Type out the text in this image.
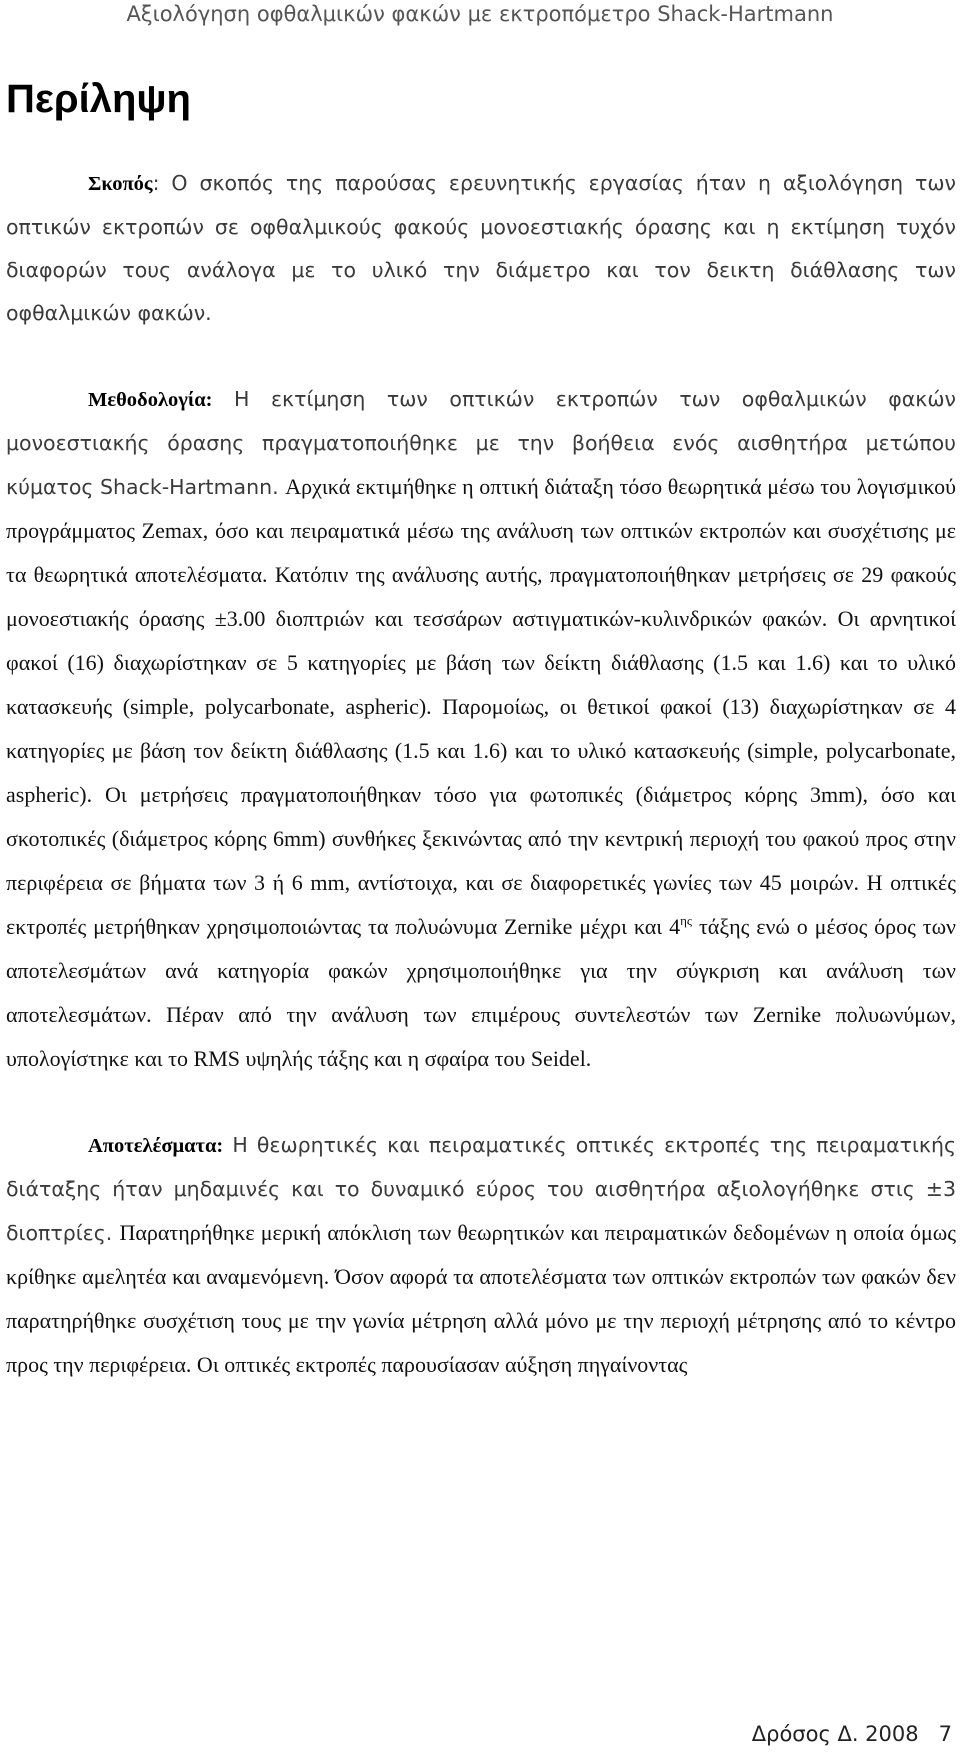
Αξιολόγηση οφθαλμικών φακών με εκτροπόμετρο Shack-Hartmann
Περίληψη

Σκοπός: Ο σκοπός της παρούσας ερευνητικής εργασίας ήταν η αξιολόγηση των οπτικών εκτροπών σε οφθαλμικούς φακούς μονοεστιακής όρασης και η εκτίμηση τυχόν διαφορών τους ανάλογα με το υλικό την διάμετρο και τον δεικτη διάθλασης των οφθαλμικών φακών.

Μεθοδολογία: Η εκτίμηση των οπτικών εκτροπών των οφθαλμικών φακών μονοεστιακής όρασης πραγματοποιήθηκε με την βοήθεια ενός αισθητήρα μετώπου κύματος Shack-Hartmann. Αρχικά εκτιμήθηκε η οπτική διάταξη τόσο θεωρητικά μέσω του λογισμικού προγράμματος Zemax, όσο και πειραματικά μέσω της ανάλυση των οπτικών εκτροπών και συσχέτισης με τα θεωρητικά αποτελέσματα. Κατόπιν της ανάλυσης αυτής, πραγματοποιήθηκαν μετρήσεις σε 29 φακούς μονοεστιακής όρασης ±3.00 διοπτριών και τεσσάρων αστιγματικών-κυλινδρικών φακών. Οι αρνητικοί φακοί (16) διαχωρίστηκαν σε 5 κατηγορίες με βάση των δείκτη διάθλασης (1.5 και 1.6) και το υλικό κατασκευής (simple, polycarbonate, aspheric). Παρομοίως, οι θετικοί φακοί (13) διαχωρίστηκαν σε 4 κατηγορίες με βάση τον δείκτη διάθλασης (1.5 και 1.6) και το υλικό κατασκευής (simple, polycarbonate, aspheric). Οι μετρήσεις πραγματοποιήθηκαν τόσο για φωτοπικές (διάμετρος κόρης 3mm), όσο και σκοτοπικές (διάμετρος κόρης 6mm) συνθήκες ξεκινώντας από την κεντρική περιοχή του φακού προς στην περιφέρεια σε βήματα των 3 ή 6 mm, αντίστοιχα, και σε διαφορετικές γωνίες των 45 μοιρών. Η οπτικές εκτροπές μετρήθηκαν χρησιμοποιώντας τα πολυώνυμα Zernike μέχρι και $4^{\eta\varsigma}$ τάξης ενώ ο μέσος όρος των αποτελεσμάτων ανά κατηγορία φακών χρησιμοποιήθηκε για την σύγκριση και ανάλυση των αποτελεσμάτων. Πέραν από την ανάλυση των επιμέρους συντελεστών των Zernike πολυωνύμων, υπολογίστηκε και το RMS υψηλής τάξης και η σφαίρα του Seidel.

Αποτελέσματα: Η θεωρητικές και πειραματικές οπτικές εκτροπές της πειραματικής διάταξης ήταν μηδαμινές και το δυναμικό εύρος του αισθητήρα αξιολογήθηκε στις ±3 διοπτρίες. Παρατηρήθηκε μερική απόκλιση των θεωρητικών και πειραματικών δεδομένων η οποία όμως κρίθηκε αμελητέα και αναμενόμενη. Όσον αφορά τα αποτελέσματα των οπτικών εκτροπών των φακών δεν παρατηρήθηκε συσχέτιση τους με την γωνία μέτρηση αλλά μόνο με την περιοχή μέτρησης από το κέντρο προς την περιφέρεια. Οι οπτικές εκτροπές παρουσίασαν αύξηση πηγαίνοντας

Δρόσος Δ. 2008 7
